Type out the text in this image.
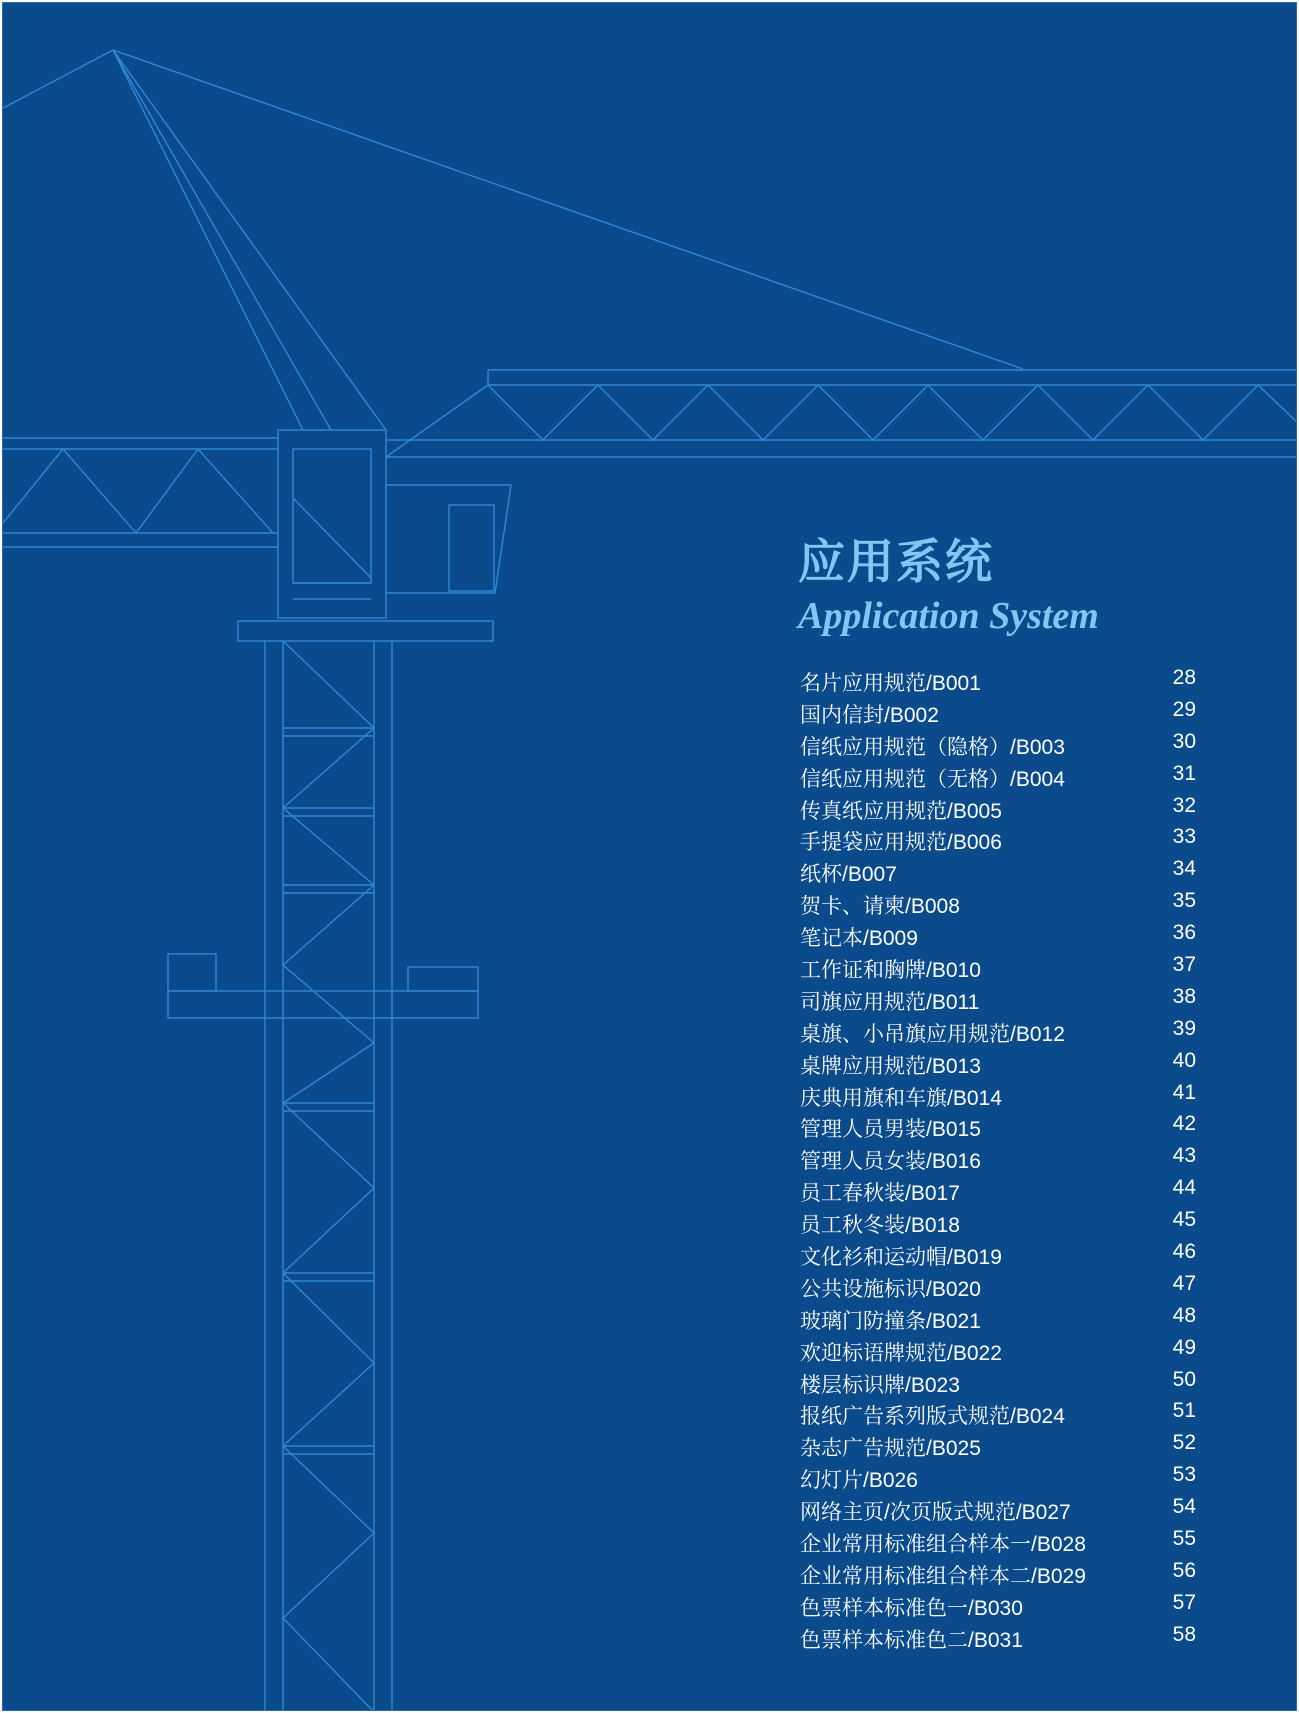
应用系统
Application System
名片应用规范/B001	28
国内信封/B002	29
信纸应用规范（隐格）/B003	30
信纸应用规范（无格）/B004	31
传真纸应用规范/B005	32
手提袋应用规范/B006	33
纸杯/B007	34
贺卡、请柬/B008	35
笔记本/B009	36
工作证和胸牌/B010	37
司旗应用规范/B011	38
桌旗、小吊旗应用规范/B012	39
桌牌应用规范/B013	40
庆典用旗和车旗/B014	41
管理人员男装/B015	42
管理人员女装/B016	43
员工春秋装/B017	44
员工秋冬装/B018	45
文化衫和运动帽/B019	46
公共设施标识/B020	47
玻璃门防撞条/B021	48
欢迎标语牌规范/B022	49
楼层标识牌/B023	50
报纸广告系列版式规范/B024	51
杂志广告规范/B025	52
幻灯片/B026	53
网络主页/次页版式规范/B027	54
企业常用标准组合样本一/B028	55
企业常用标准组合样本二/B029	56
色票样本标准色一/B030	57
色票样本标准色二/B031	58
